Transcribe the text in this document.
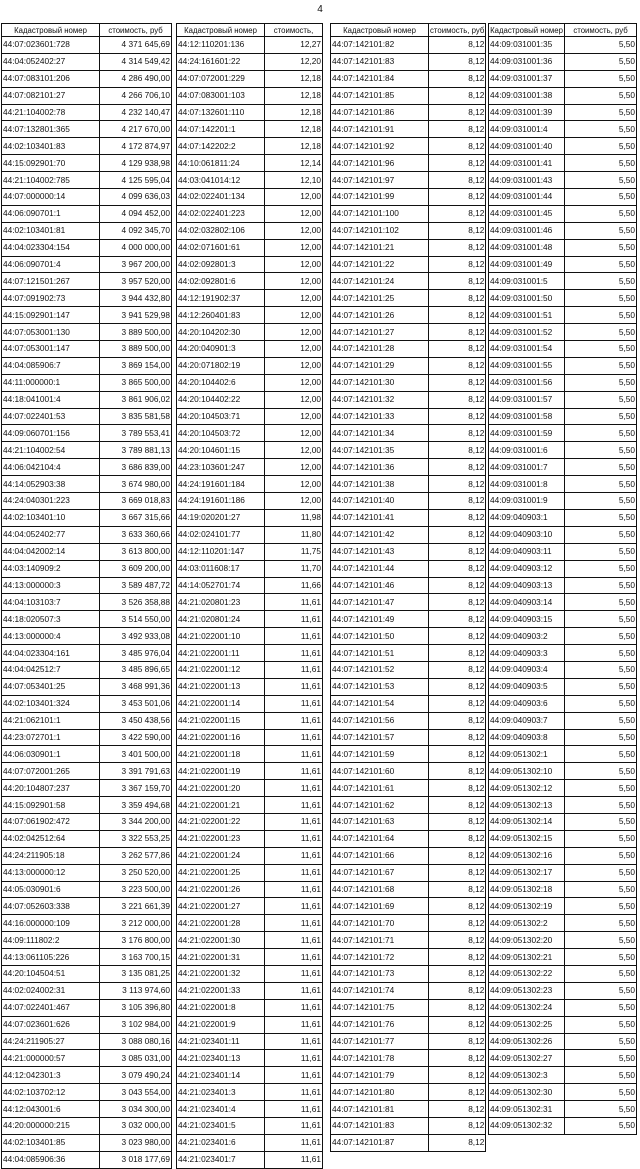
4
Кадастровый номер	стоимость, руб
44:07:023601:728	4 371 645,69
44:04:052402:27	4 314 549,42
44:07:083101:206	4 286 490,00
44:07:082101:27	4 266 706,10
44:21:104002:78	4 232 140,47
44:07:132801:365	4 217 670,00
44:02:103401:83	4 172 874,97
44:15:092901:70	4 129 938,98
44:21:104002:785	4 125 595,04
44:07:000000:14	4 099 636,03
44:06:090701:1	4 094 452,00
44:02:103401:81	4 092 345,70
44:04:023304:154	4 000 000,00
44:06:090701:4	3 967 200,00
44:07:121501:267	3 957 520,00
44:07:091902:73	3 944 432,80
44:15:092901:147	3 941 529,98
44:07:053001:130	3 889 500,00
44:07:053001:147	3 889 500,00
44:04:085906:7	3 869 154,00
44:11:000000:1	3 865 500,00
44:18:041001:4	3 861 906,02
44:07:022401:53	3 835 581,58
44:09:060701:156	3 789 553,41
44:21:104002:54	3 789 881,13
44:06:042104:4	3 686 839,00
44:14:052903:38	3 674 980,00
44:24:040301:223	3 669 018,83
44:02:103401:10	3 667 315,66
44:04:052402:77	3 633 360,66
44:04:042002:14	3 613 800,00
44:03:140909:2	3 609 200,00
44:13:000000:3	3 589 487,72
44:04:103103:7	3 526 358,88
44:18:020507:3	3 514 550,00
44:13:000000:4	3 492 933,08
44:04:023304:161	3 485 976,04
44:04:042512:7	3 485 896,65
44:07:053401:25	3 468 991,36
44:02:103401:324	3 453 501,06
44:21:062101:1	3 450 438,56
44:23:072701:1	3 422 590,00
44:06:030901:1	3 401 500,00
44:07:072001:265	3 391 791,63
44:20:104807:237	3 367 159,70
44:15:092901:58	3 359 494,68
44:07:061902:472	3 344 200,00
44:02:042512:64	3 322 553,25
44:24:211905:18	3 262 577,86
44:13:000000:12	3 250 520,00
44:05:030901:6	3 223 500,00
44:07:052603:338	3 221 661,39
44:16:000000:109	3 212 000,00
44:09:111802:2	3 176 800,00
44:13:061105:226	3 163 700,15
44:20:104504:51	3 135 081,25
44:02:024002:31	3 113 974,60
44:07:022401:467	3 105 396,80
44:07:023601:626	3 102 984,00
44:24:211905:27	3 088 080,16
44:21:000000:57	3 085 031,00
44:12:042301:3	3 079 490,24
44:02:103702:12	3 043 554,00
44:12:043001:6	3 034 300,00
44:20:000000:215	3 032 000,00
44:02:103401:85	3 023 980,00
44:04:085906:36	3 018 177,69
Кадастровый номер	стоимость,
44:12:110201:136	12,27
44:24:161601:22	12,20
44:07:072001:229	12,18
44:07:083001:103	12,18
44:07:132601:110	12,18
44:07:142201:1	12,18
44:07:142202:2	12,18
44:10:061811:24	12,14
44:03:041014:12	12,10
44:02:022401:134	12,00
44:02:022401:223	12,00
44:02:032802:106	12,00
44:02:071601:61	12,00
44:02:092801:3	12,00
44:02:092801:6	12,00
44:12:191902:37	12,00
44:12:260401:83	12,00
44:20:104202:30	12,00
44:20:040901:3	12,00
44:20:071802:19	12,00
44:20:104402:6	12,00
44:20:104402:22	12,00
44:20:104503:71	12,00
44:20:104503:72	12,00
44:20:104601:15	12,00
44:23:103601:247	12,00
44:24:191601:184	12,00
44:24:191601:186	12,00
44:19:020201:27	11,98
44:02:024101:77	11,80
44:12:110201:147	11,75
44:03:011608:17	11,70
44:14:052701:74	11,66
44:21:020801:23	11,61
44:21:020801:24	11,61
44:21:022001:10	11,61
44:21:022001:11	11,61
44:21:022001:12	11,61
44:21:022001:13	11,61
44:21:022001:14	11,61
44:21:022001:15	11,61
44:21:022001:16	11,61
44:21:022001:18	11,61
44:21:022001:19	11,61
44:21:022001:20	11,61
44:21:022001:21	11,61
44:21:022001:22	11,61
44:21:022001:23	11,61
44:21:022001:24	11,61
44:21:022001:25	11,61
44:21:022001:26	11,61
44:21:022001:27	11,61
44:21:022001:28	11,61
44:21:022001:30	11,61
44:21:022001:31	11,61
44:21:022001:32	11,61
44:21:022001:33	11,61
44:21:022001:8	11,61
44:21:022001:9	11,61
44:21:023401:11	11,61
44:21:023401:13	11,61
44:21:023401:14	11,61
44:21:023401:3	11,61
44:21:023401:4	11,61
44:21:023401:5	11,61
44:21:023401:6	11,61
44:21:023401:7	11,61
Кадастровый номер	стоимость, руб
44:07:142101:82	8,12
44:07:142101:83	8,12
44:07:142101:84	8,12
44:07:142101:85	8,12
44:07:142101:86	8,12
44:07:142101:91	8,12
44:07:142101:92	8,12
44:07:142101:96	8,12
44:07:142101:97	8,12
44:07:142101:99	8,12
44:07:142101:100	8,12
44:07:142101:102	8,12
44:07:142101:21	8,12
44:07:142101:22	8,12
44:07:142101:24	8,12
44:07:142101:25	8,12
44:07:142101:26	8,12
44:07:142101:27	8,12
44:07:142101:28	8,12
44:07:142101:29	8,12
44:07:142101:30	8,12
44:07:142101:32	8,12
44:07:142101:33	8,12
44:07:142101:34	8,12
44:07:142101:35	8,12
44:07:142101:36	8,12
44:07:142101:38	8,12
44:07:142101:40	8,12
44:07:142101:41	8,12
44:07:142101:42	8,12
44:07:142101:43	8,12
44:07:142101:44	8,12
44:07:142101:46	8,12
44:07:142101:47	8,12
44:07:142101:49	8,12
44:07:142101:50	8,12
44:07:142101:51	8,12
44:07:142101:52	8,12
44:07:142101:53	8,12
44:07:142101:54	8,12
44:07:142101:56	8,12
44:07:142101:57	8,12
44:07:142101:59	8,12
44:07:142101:60	8,12
44:07:142101:61	8,12
44:07:142101:62	8,12
44:07:142101:63	8,12
44:07:142101:64	8,12
44:07:142101:66	8,12
44:07:142101:67	8,12
44:07:142101:68	8,12
44:07:142101:69	8,12
44:07:142101:70	8,12
44:07:142101:71	8,12
44:07:142101:72	8,12
44:07:142101:73	8,12
44:07:142101:74	8,12
44:07:142101:75	8,12
44:07:142101:76	8,12
44:07:142101:77	8,12
44:07:142101:78	8,12
44:07:142101:79	8,12
44:07:142101:80	8,12
44:07:142101:81	8,12
44:07:142101:83	8,12
44:07:142101:87	8,12
Кадастровый номер	стоимость, руб
44:09:031001:35	5,50
44:09:031001:36	5,50
44:09:031001:37	5,50
44:09:031001:38	5,50
44:09:031001:39	5,50
44:09:031001:4	5,50
44:09:031001:40	5,50
44:09:031001:41	5,50
44:09:031001:43	5,50
44:09:031001:44	5,50
44:09:031001:45	5,50
44:09:031001:46	5,50
44:09:031001:48	5,50
44:09:031001:49	5,50
44:09:031001:5	5,50
44:09:031001:50	5,50
44:09:031001:51	5,50
44:09:031001:52	5,50
44:09:031001:54	5,50
44:09:031001:55	5,50
44:09:031001:56	5,50
44:09:031001:57	5,50
44:09:031001:58	5,50
44:09:031001:59	5,50
44:09:031001:6	5,50
44:09:031001:7	5,50
44:09:031001:8	5,50
44:09:031001:9	5,50
44:09:040903:1	5,50
44:09:040903:10	5,50
44:09:040903:11	5,50
44:09:040903:12	5,50
44:09:040903:13	5,50
44:09:040903:14	5,50
44:09:040903:15	5,50
44:09:040903:2	5,50
44:09:040903:3	5,50
44:09:040903:4	5,50
44:09:040903:5	5,50
44:09:040903:6	5,50
44:09:040903:7	5,50
44:09:040903:8	5,50
44:09:051302:1	5,50
44:09:051302:10	5,50
44:09:051302:12	5,50
44:09:051302:13	5,50
44:09:051302:14	5,50
44:09:051302:15	5,50
44:09:051302:16	5,50
44:09:051302:17	5,50
44:09:051302:18	5,50
44:09:051302:19	5,50
44:09:051302:2	5,50
44:09:051302:20	5,50
44:09:051302:21	5,50
44:09:051302:22	5,50
44:09:051302:23	5,50
44:09:051302:24	5,50
44:09:051302:25	5,50
44:09:051302:26	5,50
44:09:051302:27	5,50
44:09:051302:3	5,50
44:09:051302:30	5,50
44:09:051302:31	5,50
44:09:051302:32	5,50
